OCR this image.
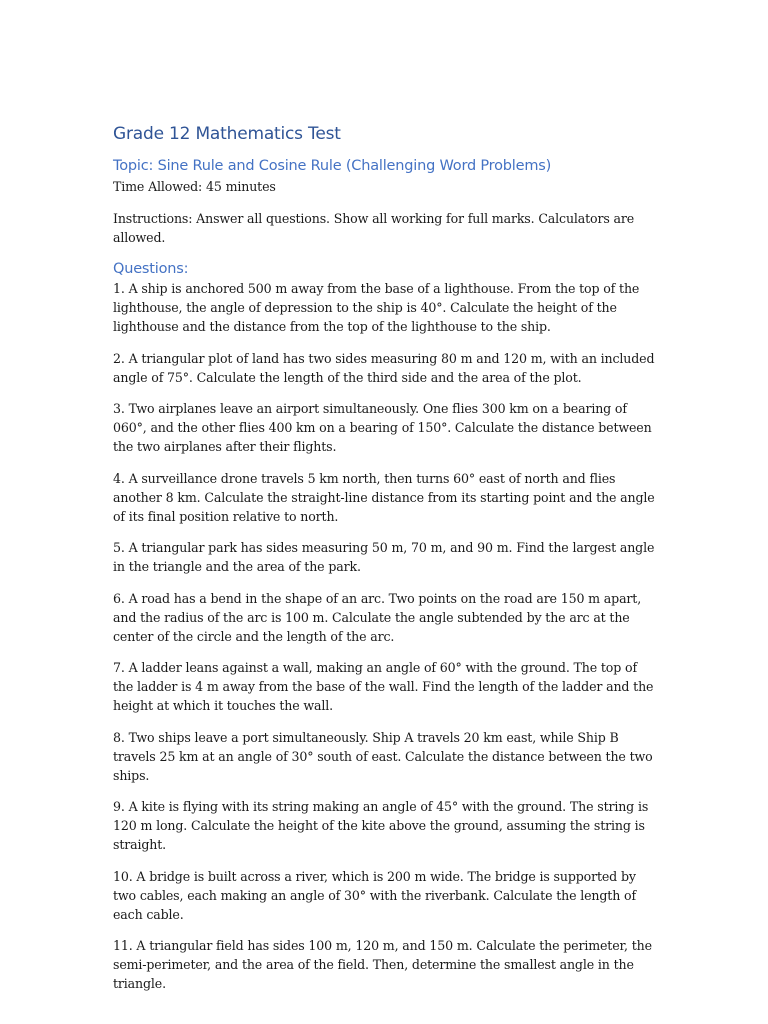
Grade 12 Mathematics Test
Topic: Sine Rule and Cosine Rule (Challenging Word Problems)

Time Allowed: 45 minutes

Instructions: Answer all questions. Show all working for full marks. Calculators are allowed.

Questions:

1. A ship is anchored 500 m away from the base of a lighthouse. From the top of the lighthouse, the angle of depression to the ship is 40°. Calculate the height of the lighthouse and the distance from the top of the lighthouse to the ship.

2. A triangular plot of land has two sides measuring 80 m and 120 m, with an included angle of 75°. Calculate the length of the third side and the area of the plot.

3. Two airplanes leave an airport simultaneously. One flies 300 km on a bearing of 060°, and the other flies 400 km on a bearing of 150°. Calculate the distance between the two airplanes after their flights.

4. A surveillance drone travels 5 km north, then turns 60° east of north and flies another 8 km. Calculate the straight-line distance from its starting point and the angle of its final position relative to north.

5. A triangular park has sides measuring 50 m, 70 m, and 90 m. Find the largest angle in the triangle and the area of the park.

6. A road has a bend in the shape of an arc. Two points on the road are 150 m apart, and the radius of the arc is 100 m. Calculate the angle subtended by the arc at the center of the circle and the length of the arc.

7. A ladder leans against a wall, making an angle of 60° with the ground. The top of the ladder is 4 m away from the base of the wall. Find the length of the ladder and the height at which it touches the wall.

8. Two ships leave a port simultaneously. Ship A travels 20 km east, while Ship B travels 25 km at an angle of 30° south of east. Calculate the distance between the two ships.

9. A kite is flying with its string making an angle of 45° with the ground. The string is 120 m long. Calculate the height of the kite above the ground, assuming the string is straight.

10. A bridge is built across a river, which is 200 m wide. The bridge is supported by two cables, each making an angle of 30° with the riverbank. Calculate the length of each cable.

11. A triangular field has sides 100 m, 120 m, and 150 m. Calculate the perimeter, the semi-perimeter, and the area of the field. Then, determine the smallest angle in the triangle.
